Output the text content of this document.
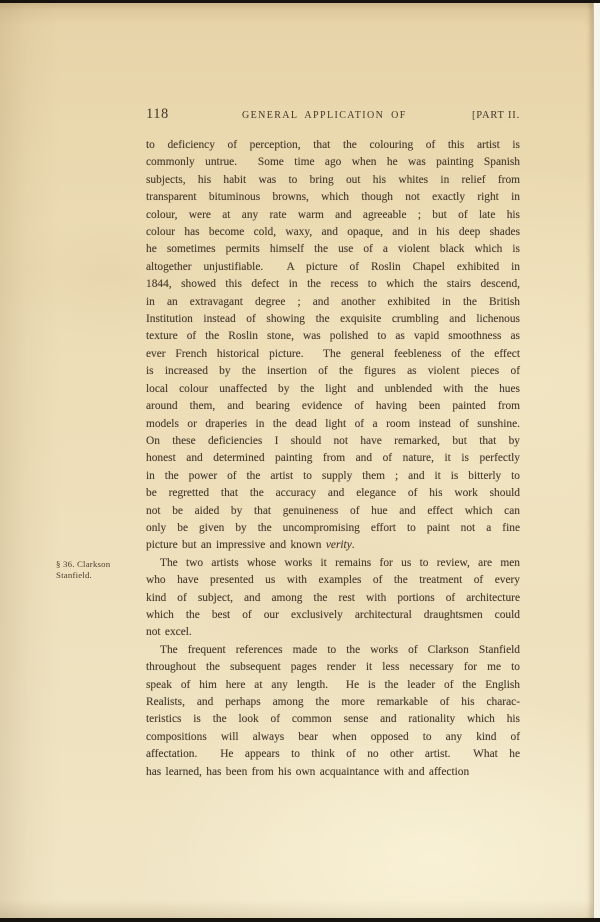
118	GENERAL APPLICATION OF	[PART II.
§ 36. Clarkson
Stanfield.
to deficiency of perception, that the colouring of this artist is
commonly untrue.  Some time ago when he was painting Spanish
subjects, his habit was to bring out his whites in relief from
transparent bituminous browns, which though not exactly right in
colour, were at any rate warm and agreeable ; but of late his
colour has become cold, waxy, and opaque, and in his deep shades
he sometimes permits himself the use of a violent black which is
altogether unjustifiable.  A picture of Roslin Chapel exhibited in
1844, showed this defect in the recess to which the stairs descend,
in an extravagant degree ; and another exhibited in the British
Institution instead of showing the exquisite crumbling and lichenous
texture of the Roslin stone, was polished to as vapid smoothness as
ever French historical picture.  The general feebleness of the effect
is increased by the insertion of the figures as violent pieces of
local colour unaffected by the light and unblended with the hues
around them, and bearing evidence of having been painted from
models or draperies in the dead light of a room instead of sunshine.
On these deficiencies I should not have remarked, but that by
honest and determined painting from and of nature, it is perfectly
in the power of the artist to supply them ; and it is bitterly to
be regretted that the accuracy and elegance of his work should
not be aided by that genuineness of hue and effect which can
only be given by the uncompromising effort to paint not a fine
picture but an impressive and known verity.
The two artists whose works it remains for us to review, are men
who have presented us with examples of the treatment of every
kind of subject, and among the rest with portions of architecture
which the best of our exclusively architectural draughtsmen could
not excel.
The frequent references made to the works of Clarkson Stanfield
throughout the subsequent pages render it less necessary for me to
speak of him here at any length.  He is the leader of the English
Realists, and perhaps among the more remarkable of his charac-
teristics is the look of common sense and rationality which his
compositions will always bear when opposed to any kind of
affectation.  He appears to think of no other artist.  What he
has learned, has been from his own acquaintance with and affection
